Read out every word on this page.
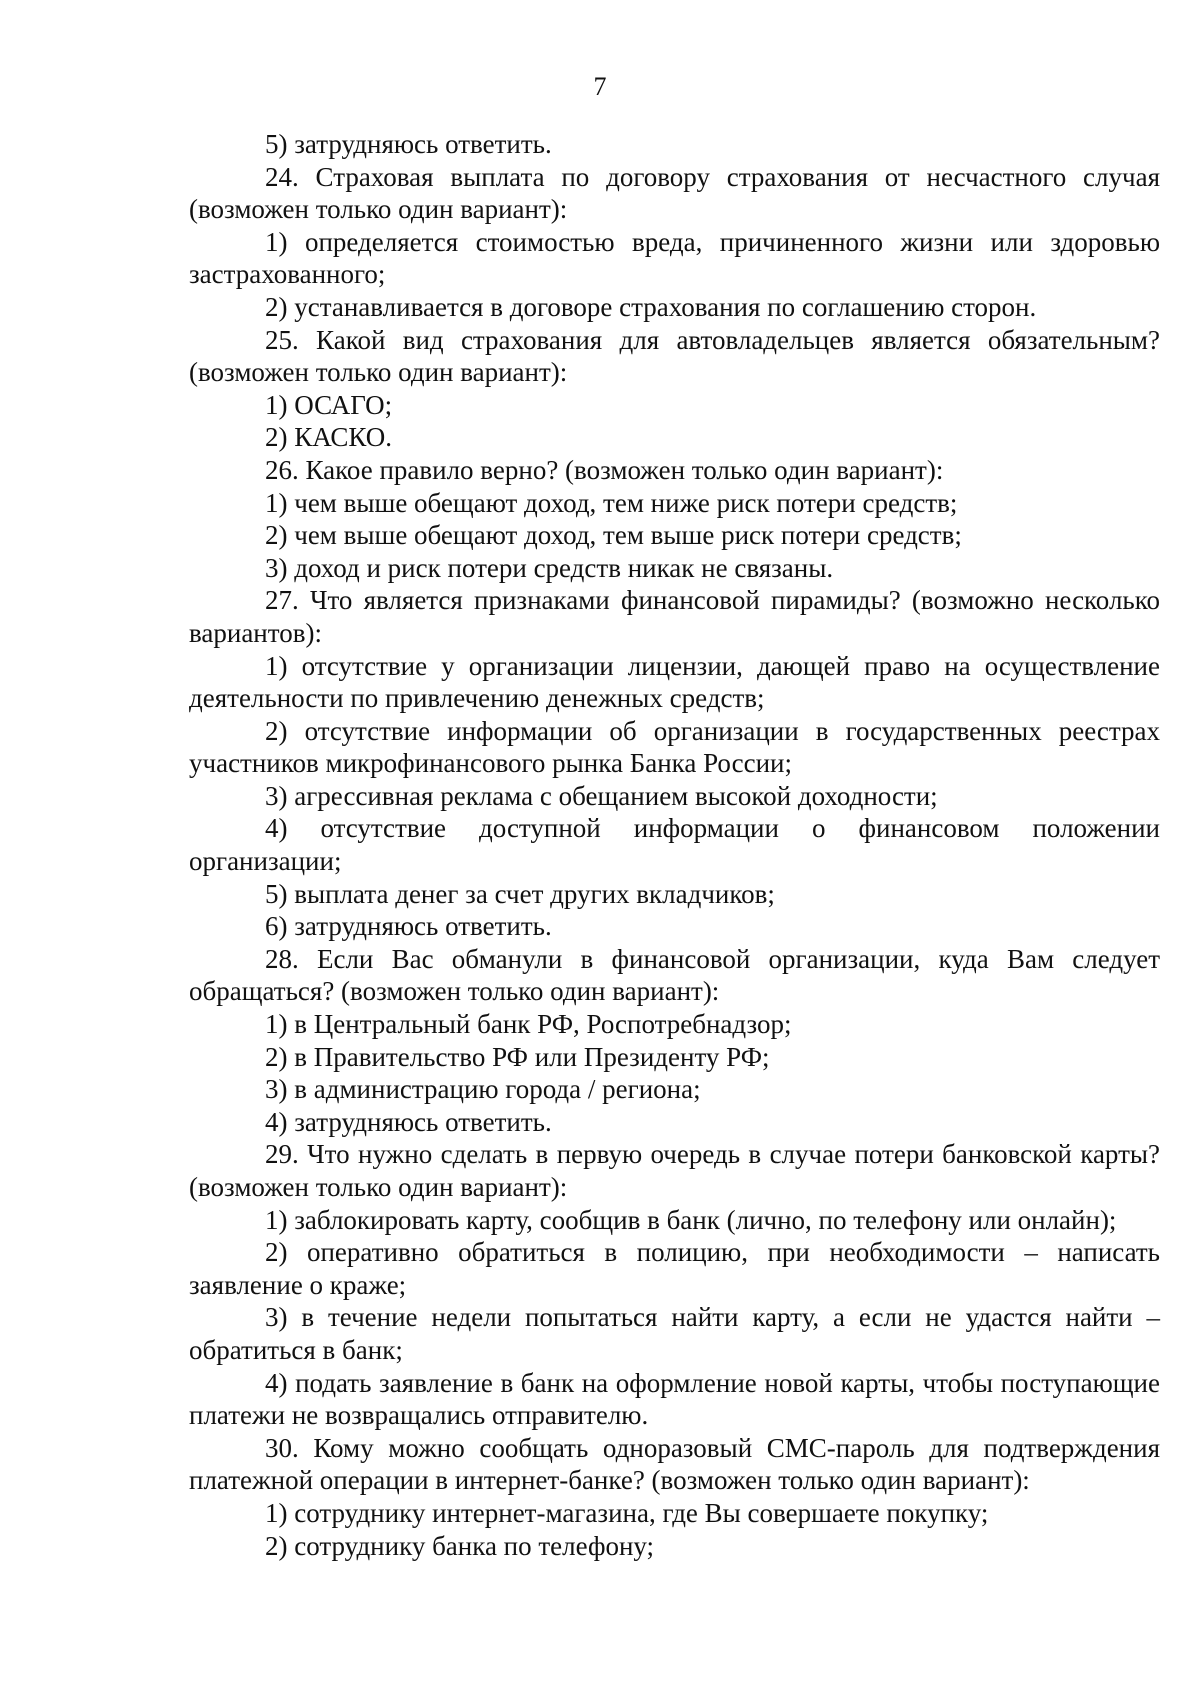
7

5) затрудняюсь ответить.

24. Страховая выплата по договору страхования от несчастного случая (возможен только один вариант):

1) определяется стоимостью вреда, причиненного жизни или здоровью застрахованного;

2) устанавливается в договоре страхования по соглашению сторон.

25. Какой вид страхования для автовладельцев является обязательным? (возможен только один вариант):

1) ОСАГО;

2) КАСКО.

26. Какое правило верно? (возможен только один вариант):

1) чем выше обещают доход, тем ниже риск потери средств;

2) чем выше обещают доход, тем выше риск потери средств;

3) доход и риск потери средств никак не связаны.

27. Что является признаками финансовой пирамиды? (возможно несколько вариантов):

1) отсутствие у организации лицензии, дающей право на осуществление деятельности по привлечению денежных средств;

2) отсутствие информации об организации в государственных реестрах участников микрофинансового рынка Банка России;

3) агрессивная реклама с обещанием высокой доходности;

4) отсутствие доступной информации о финансовом положении организации;

5) выплата денег за счет других вкладчиков;

6) затрудняюсь ответить.

28. Если Вас обманули в финансовой организации, куда Вам следует обращаться? (возможен только один вариант):

1) в Центральный банк РФ, Роспотребнадзор;

2) в Правительство РФ или Президенту РФ;

3) в администрацию города / региона;

4) затрудняюсь ответить.

29. Что нужно сделать в первую очередь в случае потери банковской карты? (возможен только один вариант):

1) заблокировать карту, сообщив в банк (лично, по телефону или онлайн);

2) оперативно обратиться в полицию, при необходимости – написать заявление о краже;

3) в течение недели попытаться найти карту, а если не удастся найти – обратиться в банк;

4) подать заявление в банк на оформление новой карты, чтобы поступающие платежи не возвращались отправителю.

30. Кому можно сообщать одноразовый СМС-пароль для подтверждения платежной операции в интернет-банке? (возможен только один вариант):

1) сотруднику интернет-магазина, где Вы совершаете покупку;

2) сотруднику банка по телефону;
